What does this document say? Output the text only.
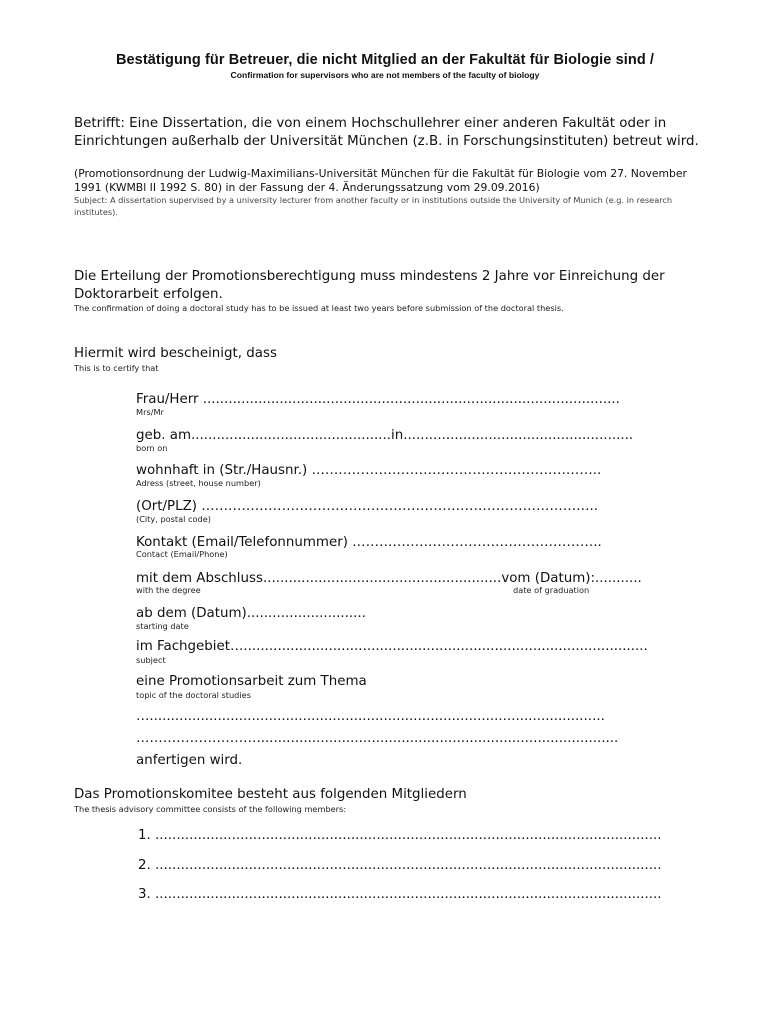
Bestätigung für Betreuer, die nicht Mitglied an der Fakultät für Biologie sind /
Confirmation for supervisors who are not members of the faculty of biology
Betrifft: Eine Dissertation, die von einem Hochschullehrer einer anderen Fakultät oder in Einrichtungen außerhalb der Universität München (z.B. in Forschungsinstituten) betreut wird.
(Promotionsordnung der Ludwig-Maximilians-Universität München für die Fakultät für Biologie vom 27. November 1991 (KWMBl II 1992 S. 80) in der Fassung der 4. Änderungssatzung vom 29.09.2016)
Subject: A dissertation supervised by a university lecturer from another faculty or in institutions outside the University of Munich (e.g. in research institutes).
Die Erteilung der Promotionsberechtigung muss mindestens 2 Jahre vor Einreichung der Doktorarbeit erfolgen.
The confirmation of doing a doctoral study has to be issued at least two years before submission of the doctoral thesis.
Hiermit wird bescheinigt, dass
This is to certify that
Frau/Herr ..................................................................................................
Mrs/Mr
geb. am...............................................in......................................................
born on
wohnhaft in (Str./Hausnr.) ………………………………………………………..
Adress (street, house number)
(Ort/PLZ) ……………………………………………………………………………..
(City, postal code)
Kontakt (Email/Telefonnummer) ………………………………………………..
Contact (Email/Phone)
mit dem Abschluss........................................................vom (Datum):...........
with the degree	date of graduation
ab dem (Datum)............................
starting date
im Fachgebiet…...............................................................................................
subject
eine Promotionsarbeit zum Thema
topic of the doctoral studies
…...........................................................................................................
……………………….....................................................................................
anfertigen wird.
Das Promotionskomitee besteht aus folgenden Mitgliedern
The thesis advisory committee consists of the following members:
1. .......................................................................................................................
2. .......................................................................................................................
3. .......................................................................................................................
